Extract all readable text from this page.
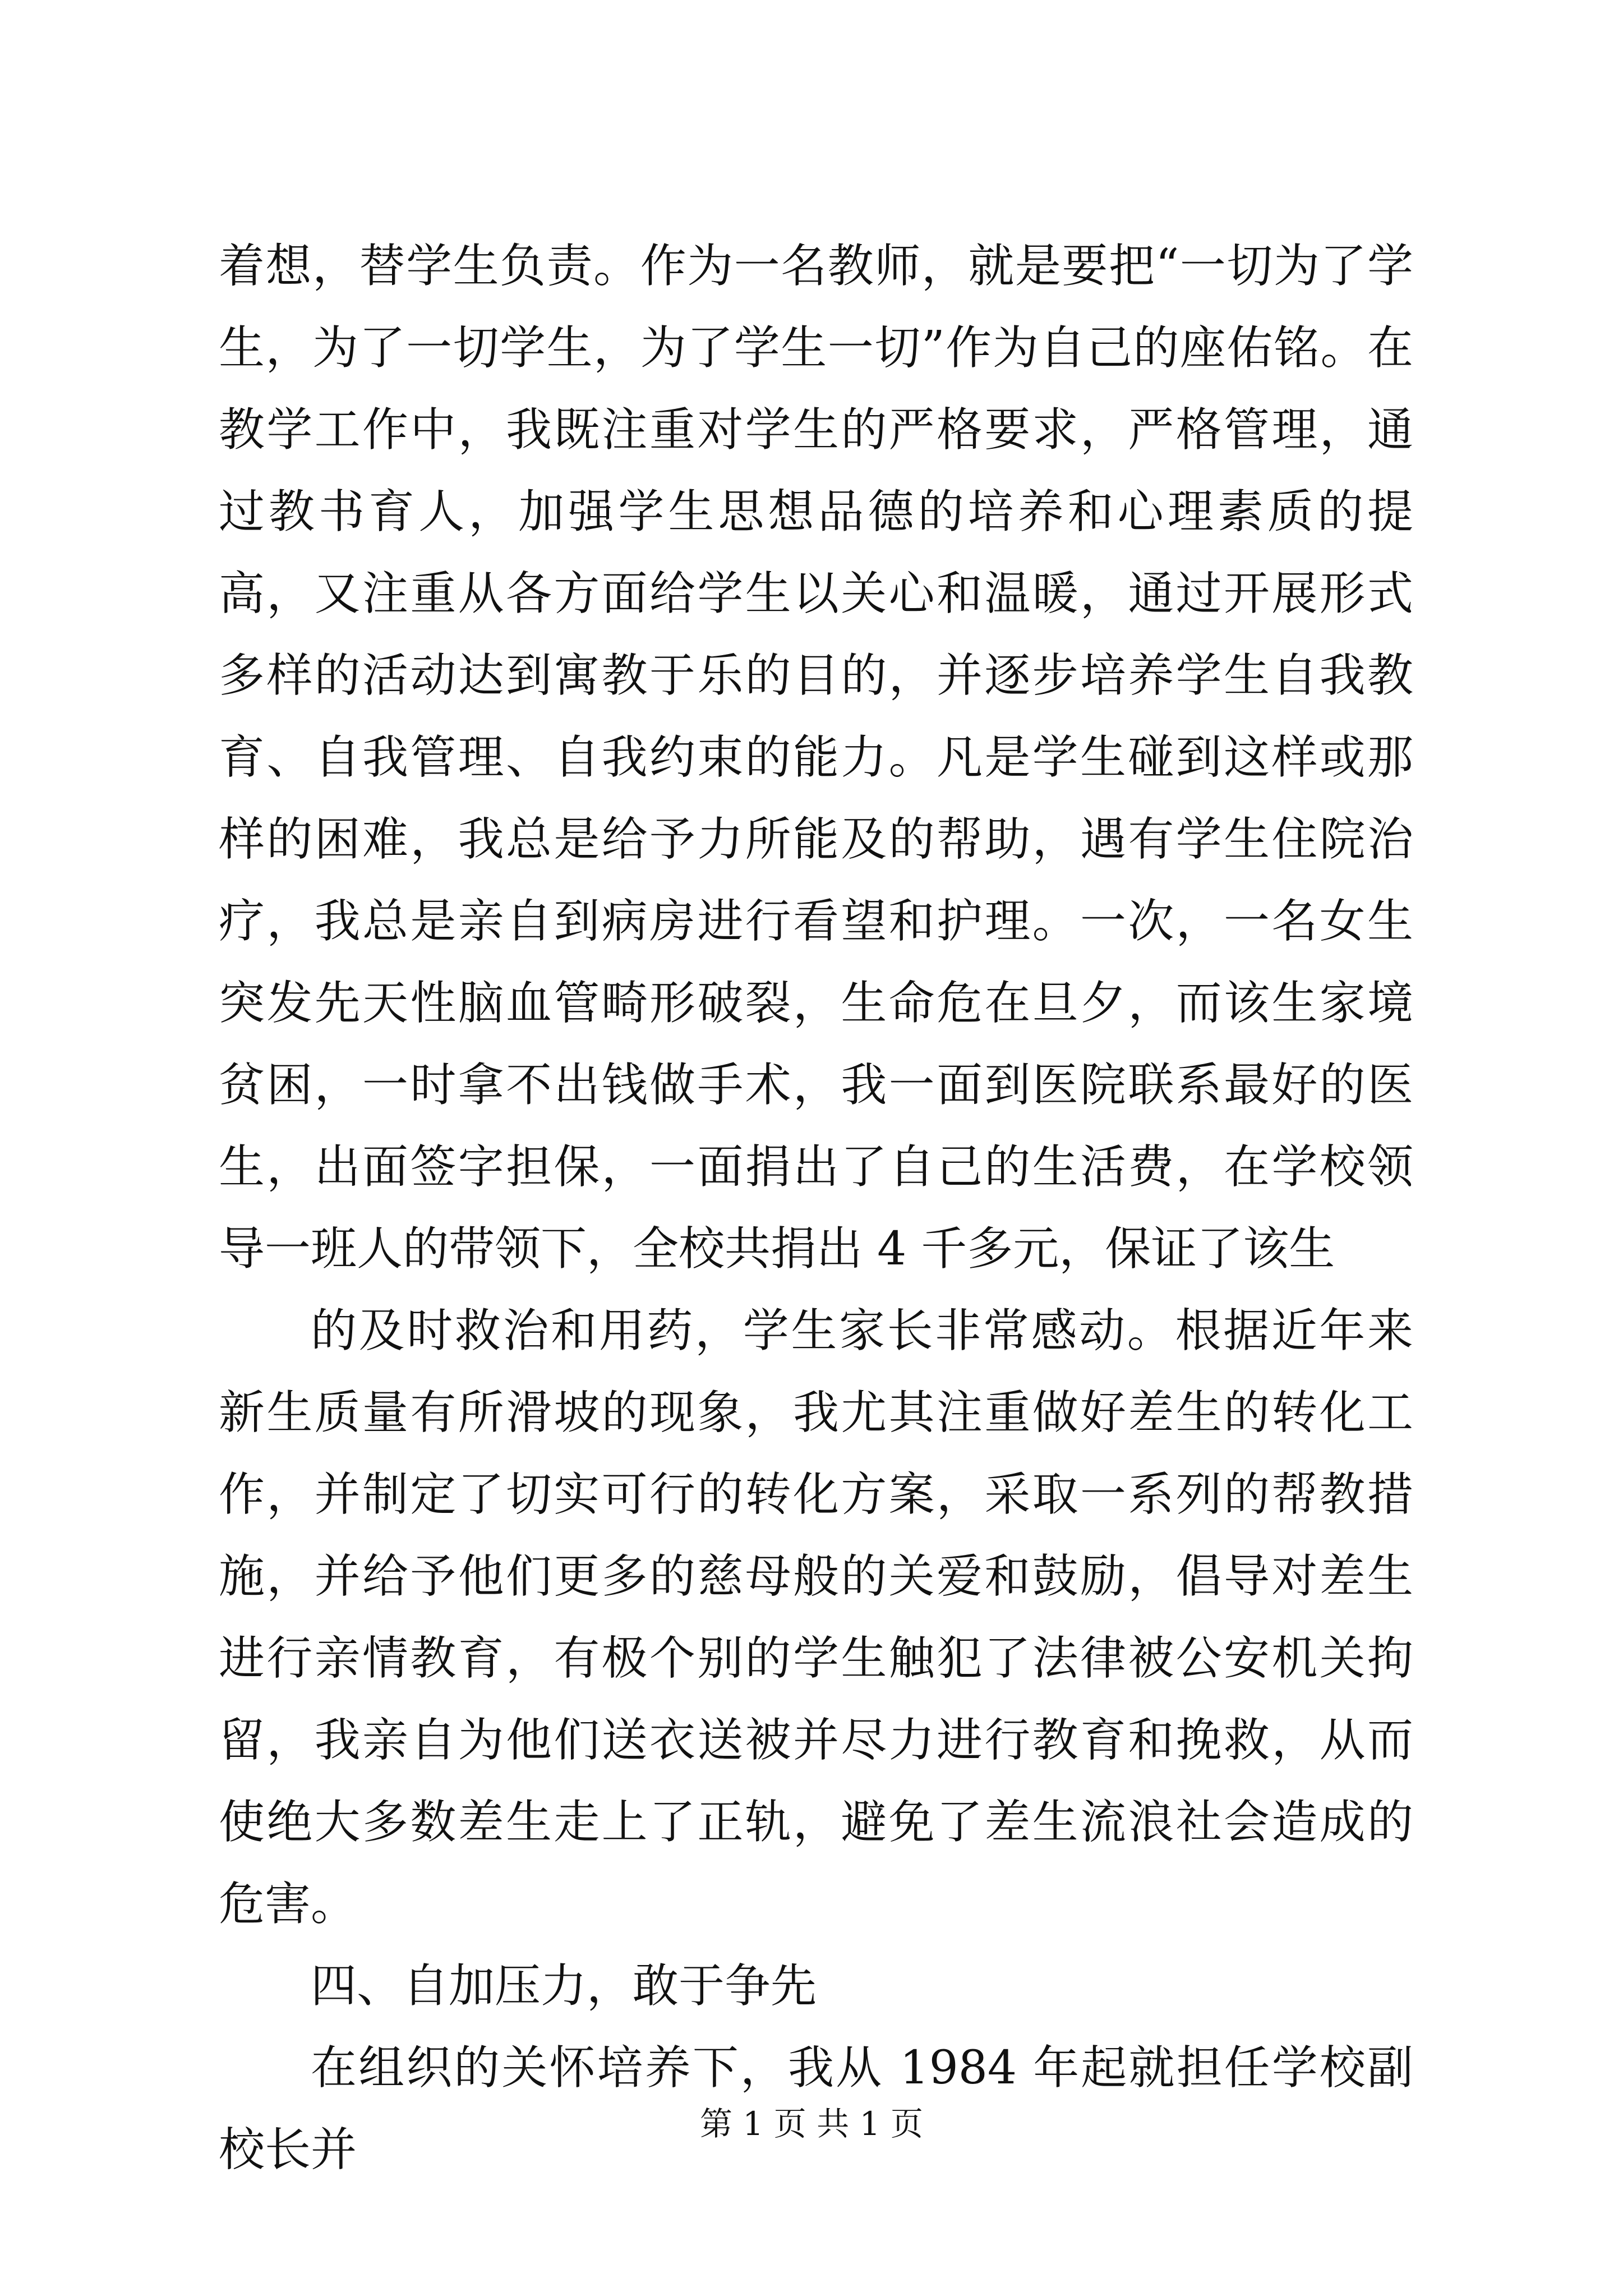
着想，替学生负责。作为一名教师，就是要把“一切为了学生，为了一切学生，为了学生一切”作为自己的座佑铭。在教学工作中，我既注重对学生的严格要求，严格管理，通过教书育人，加强学生思想品德的培养和心理素质的提高，又注重从各方面给学生以关心和温暖，通过开展形式多样的活动达到寓教于乐的目的，并逐步培养学生自我教育、自我管理、自我约束的能力。凡是学生碰到这样或那样的困难，我总是给予力所能及的帮助，遇有学生住院治疗，我总是亲自到病房进行看望和护理。一次，一名女生突发先天性脑血管畸形破裂，生命危在旦夕，而该生家境贫困，一时拿不出钱做手术，我一面到医院联系最好的医生，出面签字担保，一面捐出了自己的生活费，在学校领导一班人的带领下，全校共捐出 4 千多元，保证了该生

的及时救治和用药，学生家长非常感动。根据近年来新生质量有所滑坡的现象，我尤其注重做好差生的转化工作，并制定了切实可行的转化方案，采取一系列的帮教措施，并给予他们更多的慈母般的关爱和鼓励，倡导对差生进行亲情教育，有极个别的学生触犯了法律被公安机关拘留，我亲自为他们送衣送被并尽力进行教育和挽救，从而使绝大多数差生走上了正轨，避免了差生流浪社会造成的危害。

四、自加压力，敢于争先

在组织的关怀培养下，我从 1984 年起就担任学校副校长并	第 1 页 共 1 页
